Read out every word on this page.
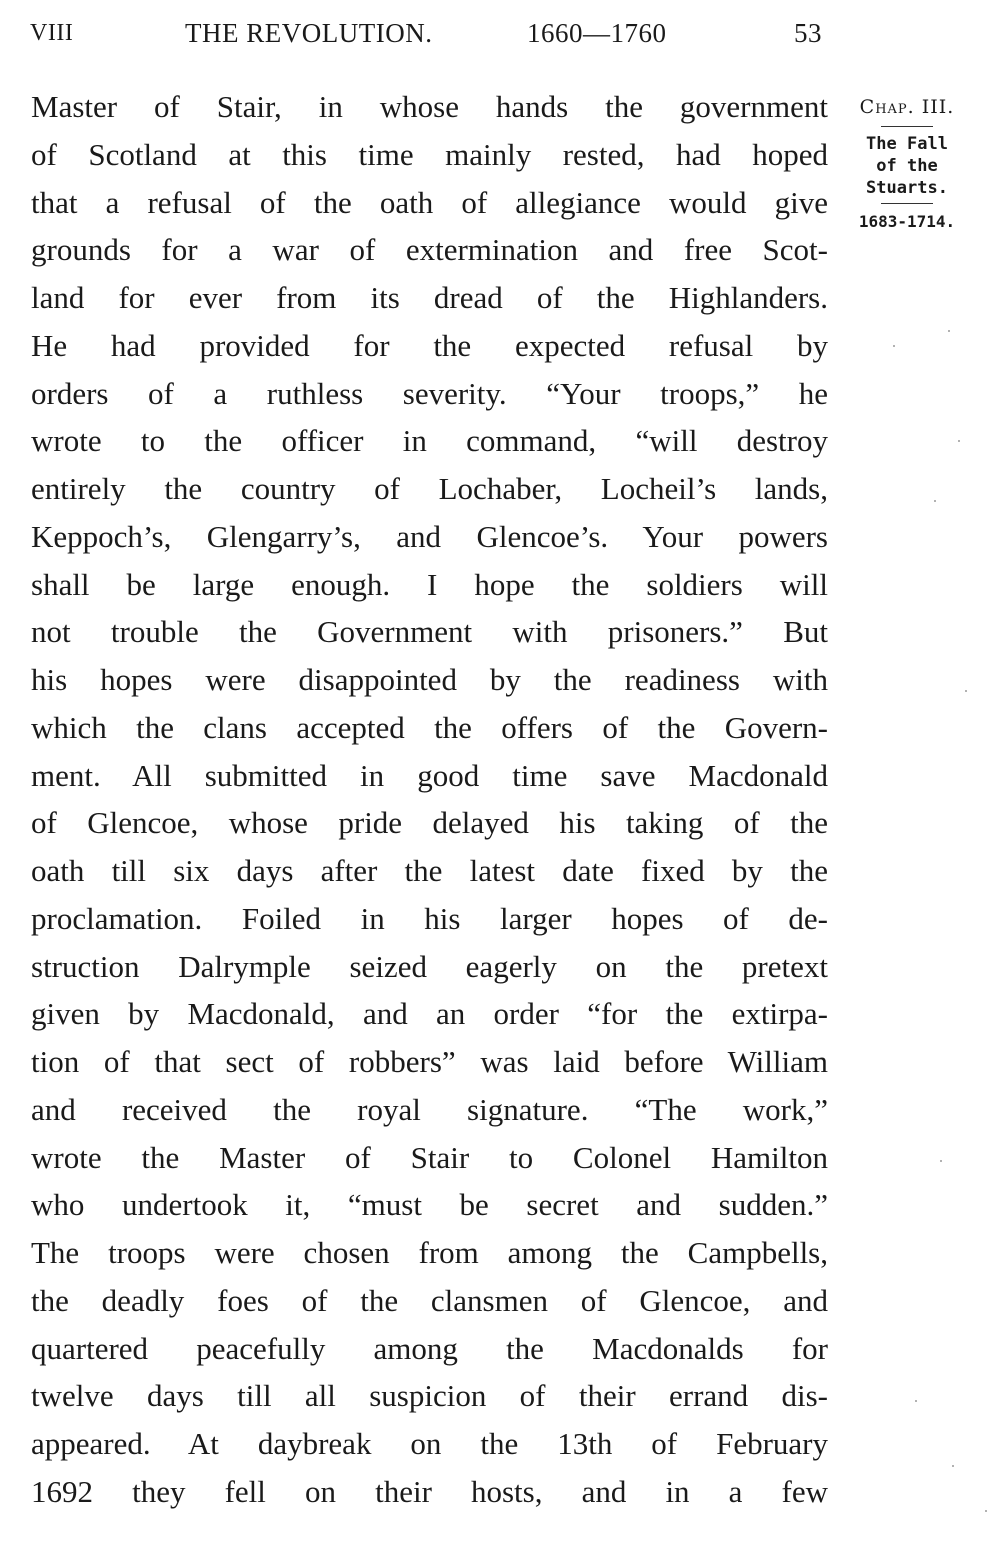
VIII	THE REVOLUTION.	1660—1760	53
Master of Stair, in whose hands the government
of Scotland at this time mainly rested, had hoped
that a refusal of the oath of allegiance would give
grounds for a war of extermination and free Scot-
land for ever from its dread of the Highlanders.
He had provided for the expected refusal by
orders of a ruthless severity. “Your troops,” he
wrote to the officer in command, “will destroy
entirely the country of Lochaber, Locheil’s lands,
Keppoch’s, Glengarry’s, and Glencoe’s. Your powers
shall be large enough. I hope the soldiers will
not trouble the Government with prisoners.” But
his hopes were disappointed by the readiness with
which the clans accepted the offers of the Govern-
ment. All submitted in good time save Macdonald
of Glencoe, whose pride delayed his taking of the
oath till six days after the latest date fixed by the
proclamation. Foiled in his larger hopes of de-
struction Dalrymple seized eagerly on the pretext
given by Macdonald, and an order “for the extirpa-
tion of that sect of robbers” was laid before William
and received the royal signature. “The work,”
wrote the Master of Stair to Colonel Hamilton
who undertook it, “must be secret and sudden.”
The troops were chosen from among the Campbells,
the deadly foes of the clansmen of Glencoe, and
quartered peacefully among the Macdonalds for
twelve days till all suspicion of their errand dis-
appeared. At daybreak on the 13th of February
1692 they fell on their hosts, and in a few
Chap. III.
The Fall
of the
Stuarts.
1683-1714.
